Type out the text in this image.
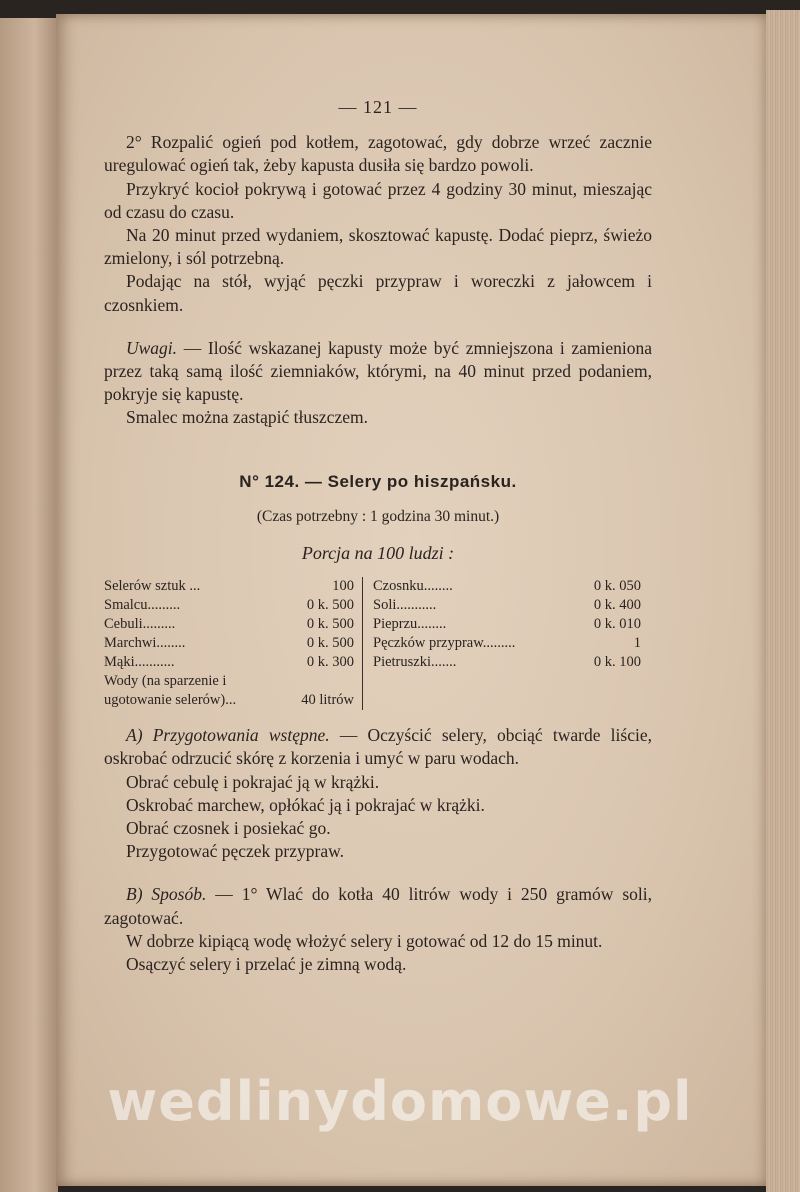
— 121 —

2° Rozpalić ogień pod kotłem, zagotować, gdy dobrze wrzeć zacznie uregulować ogień tak, żeby kapusta dusiła się bardzo powoli.

Przykryć kocioł pokrywą i gotować przez 4 godziny 30 minut, mieszając od czasu do czasu.

Na 20 minut przed wydaniem, skosztować kapustę. Dodać pieprz, świeżo zmielony, i sól potrzebną.

Podając na stół, wyjąć pęczki przypraw i woreczki z jałowcem i czosnkiem.

Uwagi. — Ilość wskazanej kapusty może być zmniejszona i zamieniona przez taką samą ilość ziemniaków, którymi, na 40 minut przed podaniem, pokryje się kapustę.

Smalec można zastąpić tłuszczem.

N° 124. — Selery po hiszpańsku.
(Czas potrzebny : 1 godzina 30 minut.)
Porcja na 100 ludzi :
Selerów sztuk ...	100
Smalcu.........	0 k. 500
Cebuli.........	0 k. 500
Marchwi........	0 k. 500
Mąki...........	0 k. 300
Wody (na sparzenie i ugotowanie selerów)...	40 litrów
Czosnku........	0 k. 050
Soli...........	0 k. 400
Pieprzu........	0 k. 010
Pęczków przypraw.........	1
Pietruszki.......	0 k. 100

A) Przygotowania wstępne. — Oczyścić selery, obciąć twarde liście, oskrobać odrzucić skórę z korzenia i umyć w paru wodach.

Obrać cebulę i pokrajać ją w krążki.

Oskrobać marchew, opłókać ją i pokrajać w krążki.

Obrać czosnek i posiekać go.

Przygotować pęczek przypraw.

B) Sposób. — 1° Wlać do kotła 40 litrów wody i 250 gramów soli, zagotować.

W dobrze kipiącą wodę włożyć selery i gotować od 12 do 15 minut.

Osączyć selery i przelać je zimną wodą.

wedlinydomowe.pl
